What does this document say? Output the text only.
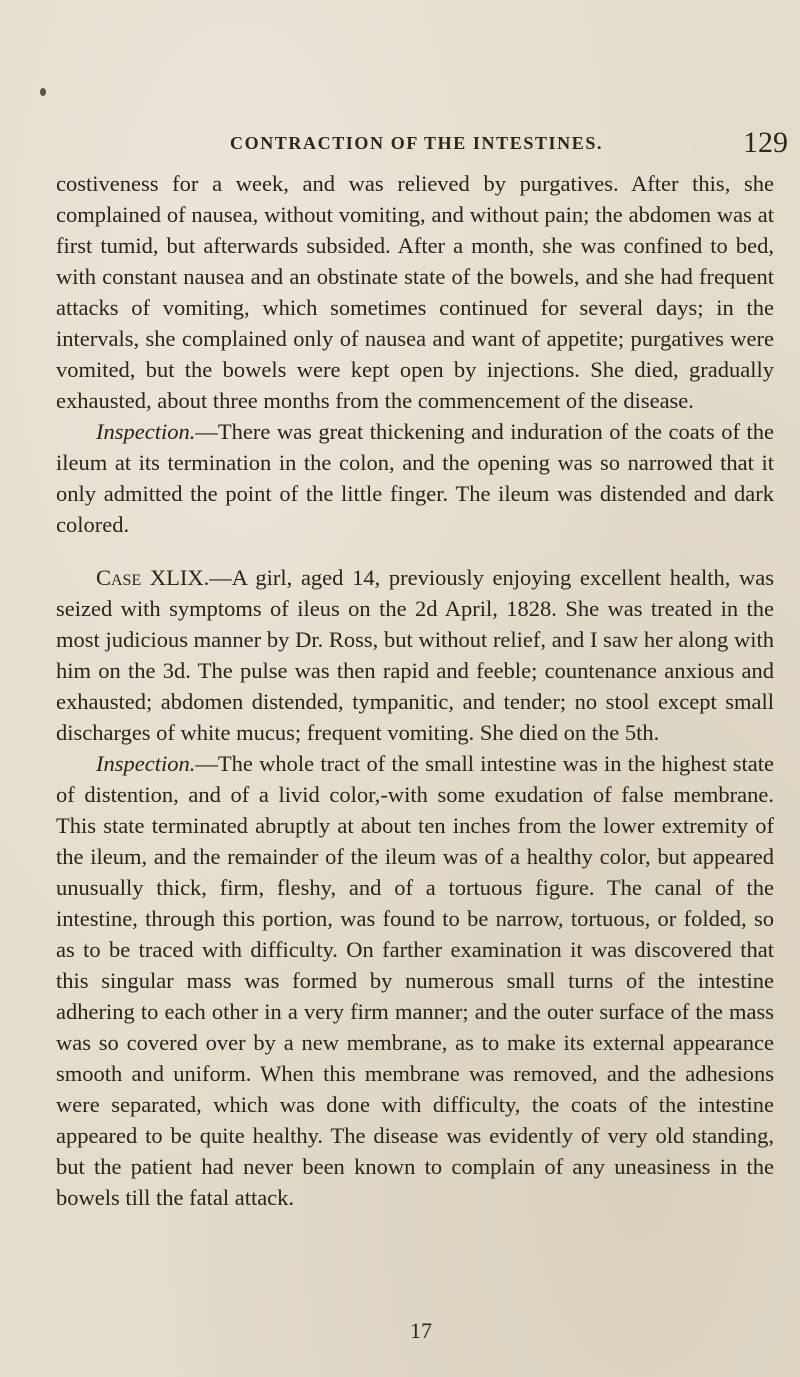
CONTRACTION OF THE INTESTINES.	129

costiveness for a week, and was relieved by purgatives. After this, she complained of nausea, without vomiting, and without pain; the abdomen was at first tumid, but afterwards subsided. After a month, she was confined to bed, with constant nausea and an obstinate state of the bowels, and she had frequent attacks of vomiting, which sometimes continued for several days; in the intervals, she complained only of nausea and want of appetite; purgatives were vomited, but the bowels were kept open by injections. She died, gradually exhausted, about three months from the commencement of the disease.

Inspection.—There was great thickening and induration of the coats of the ileum at its termination in the colon, and the opening was so narrowed that it only admitted the point of the little finger. The ileum was distended and dark colored.

Case XLIX.—A girl, aged 14, previously enjoying excellent health, was seized with symptoms of ileus on the 2d April, 1828. She was treated in the most judicious manner by Dr. Ross, but without relief, and I saw her along with him on the 3d. The pulse was then rapid and feeble; countenance anxious and exhausted; abdomen distended, tympanitic, and tender; no stool except small discharges of white mucus; frequent vomiting. She died on the 5th.

Inspection.—The whole tract of the small intestine was in the highest state of distention, and of a livid color,-with some exudation of false membrane. This state terminated abruptly at about ten inches from the lower extremity of the ileum, and the remainder of the ileum was of a healthy color, but appeared unusually thick, firm, fleshy, and of a tortuous figure. The canal of the intestine, through this portion, was found to be narrow, tortuous, or folded, so as to be traced with difficulty. On farther examination it was discovered that this singular mass was formed by numerous small turns of the intestine adhering to each other in a very firm manner; and the outer surface of the mass was so covered over by a new membrane, as to make its external appearance smooth and uniform. When this membrane was removed, and the adhesions were separated, which was done with difficulty, the coats of the intestine appeared to be quite healthy. The disease was evidently of very old standing, but the patient had never been known to complain of any uneasiness in the bowels till the fatal attack.

17
